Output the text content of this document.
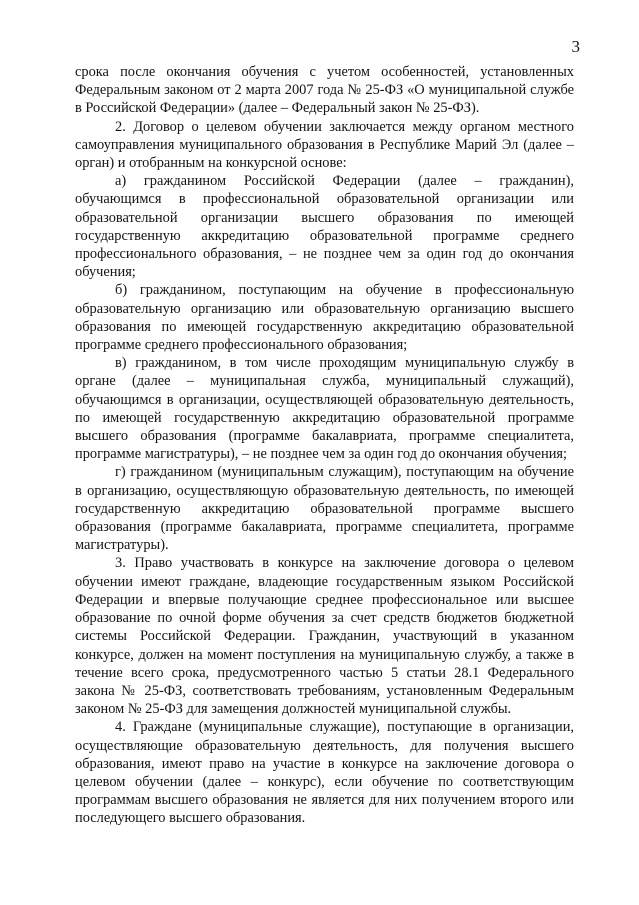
3

срока после окончания обучения с учетом особенностей, установленных Федеральным законом от 2 марта 2007 года № 25-ФЗ «О муниципальной службе в Российской Федерации» (далее – Федеральный закон № 25-ФЗ).

2. Договор о целевом обучении заключается между органом местного самоуправления муниципального образования в Республике Марий Эл (далее – орган) и отобранным на конкурсной основе:

а) гражданином Российской Федерации (далее – гражданин), обучающимся в профессиональной образовательной организации или образовательной организации высшего образования по имеющей государственную аккредитацию образовательной программе среднего профессионального образования, – не позднее чем за один год до окончания обучения;

б) гражданином, поступающим на обучение в профессиональную образовательную организацию или образовательную организацию высшего образования по имеющей государственную аккредитацию образовательной программе среднего профессионального образования;

в) гражданином, в том числе проходящим муниципальную службу в органе (далее – муниципальная служба, муниципальный служащий), обучающимся в организации, осуществляющей образовательную деятельность, по имеющей государственную аккредитацию образовательной программе высшего образования (программе бакалавриата, программе специалитета, программе магистратуры), – не позднее чем за один год до окончания обучения;

г) гражданином (муниципальным служащим), поступающим на обучение в организацию, осуществляющую образовательную деятельность, по имеющей государственную аккредитацию образовательной программе высшего образования (программе бакалавриата, программе специалитета, программе магистратуры).

3. Право участвовать в конкурсе на заключение договора о целевом обучении имеют граждане, владеющие государственным языком Российской Федерации и впервые получающие среднее профессиональное или высшее образование по очной форме обучения за счет средств бюджетов бюджетной системы Российской Федерации. Гражданин, участвующий в указанном конкурсе, должен на момент поступления на муниципальную службу, а также в течение всего срока, предусмотренного частью 5 статьи 28.1 Федерального закона № 25-ФЗ, соответствовать требованиям, установленным Федеральным законом № 25-ФЗ для замещения должностей муниципальной службы.

4. Граждане (муниципальные служащие), поступающие в организации, осуществляющие образовательную деятельность, для получения высшего образования, имеют право на участие в конкурсе на заключение договора о целевом обучении (далее – конкурс), если обучение по соответствующим программам высшего образования не является для них получением второго или последующего высшего образования.
